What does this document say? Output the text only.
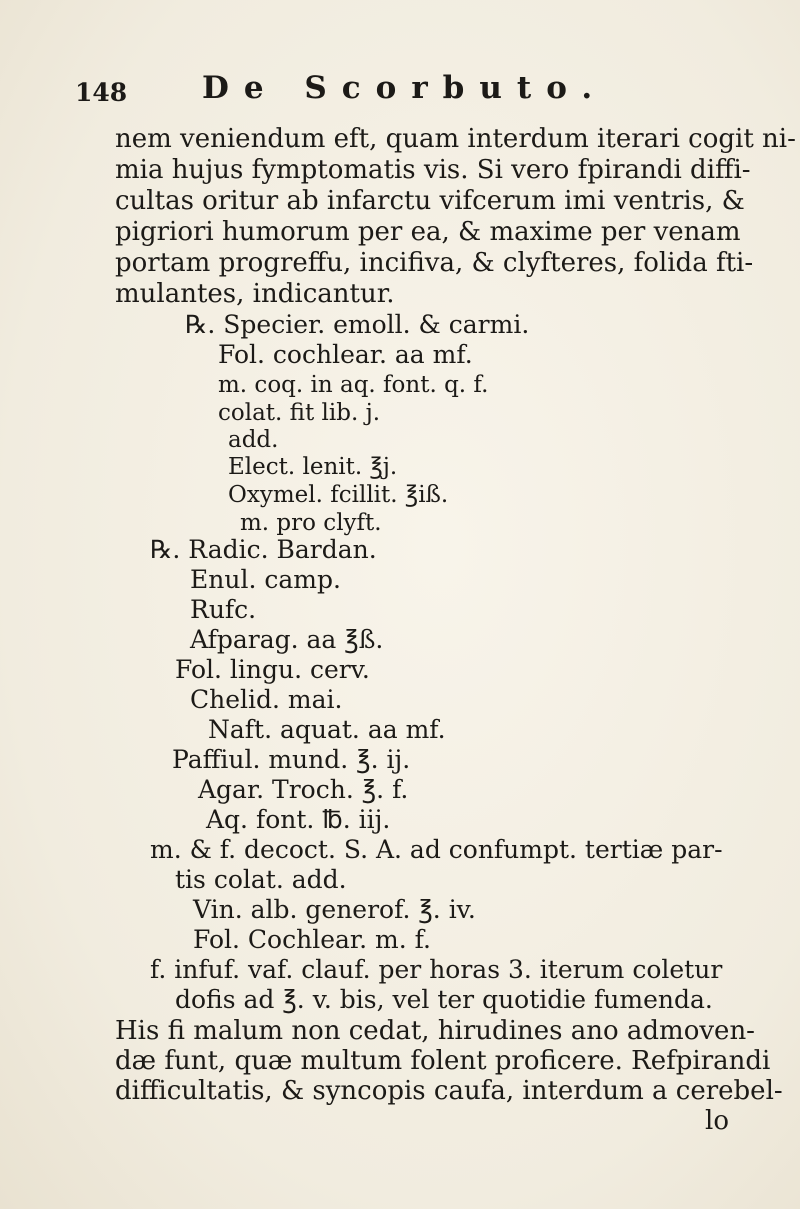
148 De Scorbuto.
nem veniendum eft, quam interdum iterari cogit ni-
mia hujus fymptomatis vis. Si vero fpirandi diffi-
cultas oritur ab infarctu vifcerum imi ventris, &
pigriori humorum per ea, & maxime per venam
portam progreffu, incifiva, & clyfteres, folida fti-
mulantes, indicantur.
℞. Specier. emoll. & carmi.
Fol. cochlear. aa mf.
m. coq. in aq. font. q. f.
colat. fit lib. j.
add.
Elect. lenit. ℥j.
Oxymel. fcillit. ℥iß.
m. pro clyft.
℞. Radic. Bardan.
Enul. camp.
Rufc.
Afparag. aa ℥ß.
Fol. lingu. cerv.
Chelid. mai.
Naft. aquat. aa mf.
Paffiul. mund. ℥. ij.
Agar. Troch. ℥. f.
Aq. font. ℔. iij.
m. & f. decoct. S. A. ad confumpt. tertiæ par-
tis colat. add.
Vin. alb. generof. ℥. iv.
Fol. Cochlear. m. f.
f. infuf. vaf. clauf. per horas 3. iterum coletur
dofis ad ℥. v. bis, vel ter quotidie fumenda.
His fi malum non cedat, hirudines ano admoven-
dæ funt, quæ multum folent proficere. Refpirandi
difficultatis, & syncopis caufa, interdum a cerebel-
lo
